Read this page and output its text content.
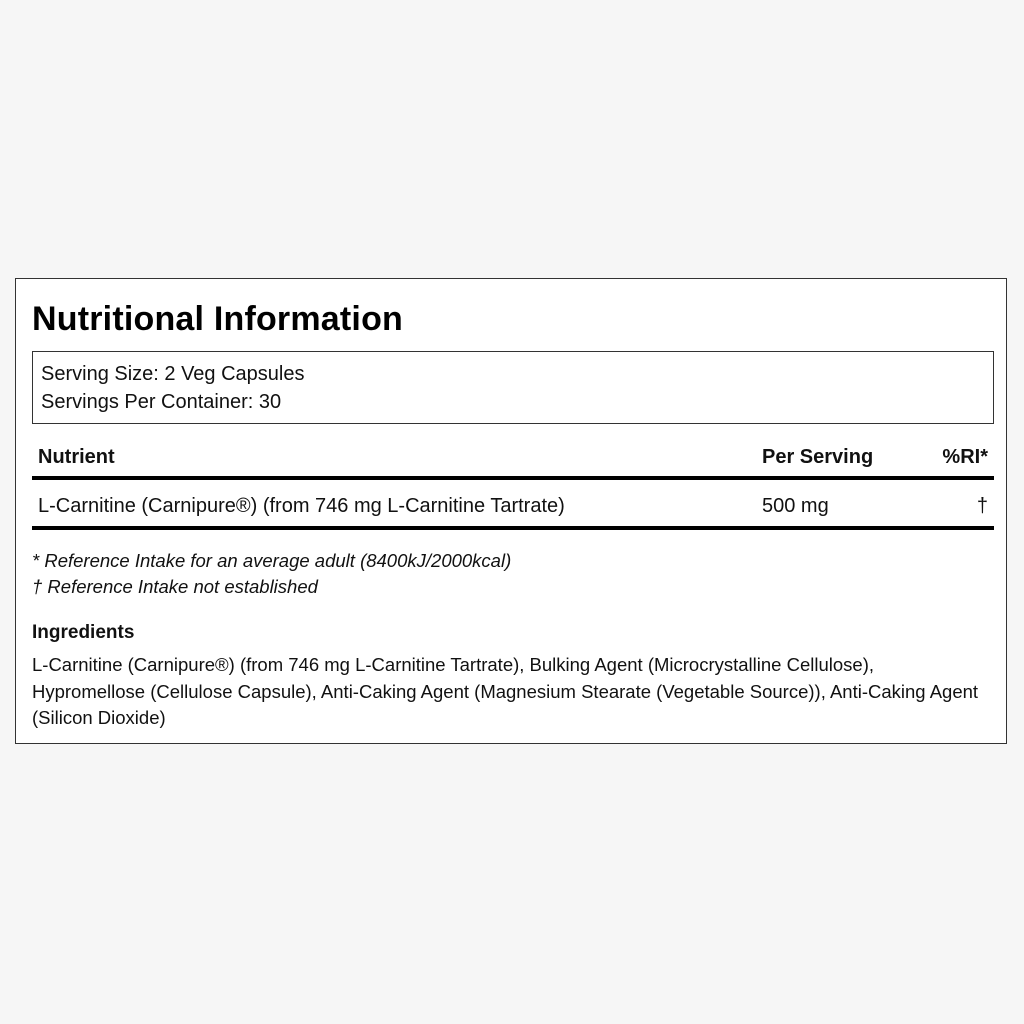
Nutritional Information
Serving Size: 2 Veg Capsules
Servings Per Container: 30
Nutrient	Per Serving	%RI*
L-Carnitine (Carnipure®) (from 746 mg L-Carnitine Tartrate)	500 mg	†
* Reference Intake for an average adult (8400kJ/2000kcal)
† Reference Intake not established
Ingredients
L-Carnitine (Carnipure®) (from 746 mg L-Carnitine Tartrate), Bulking Agent (Microcrystalline Cellulose), Hypromellose (Cellulose Capsule), Anti-Caking Agent (Magnesium Stearate (Vegetable Source)), Anti-Caking Agent (Silicon Dioxide)
